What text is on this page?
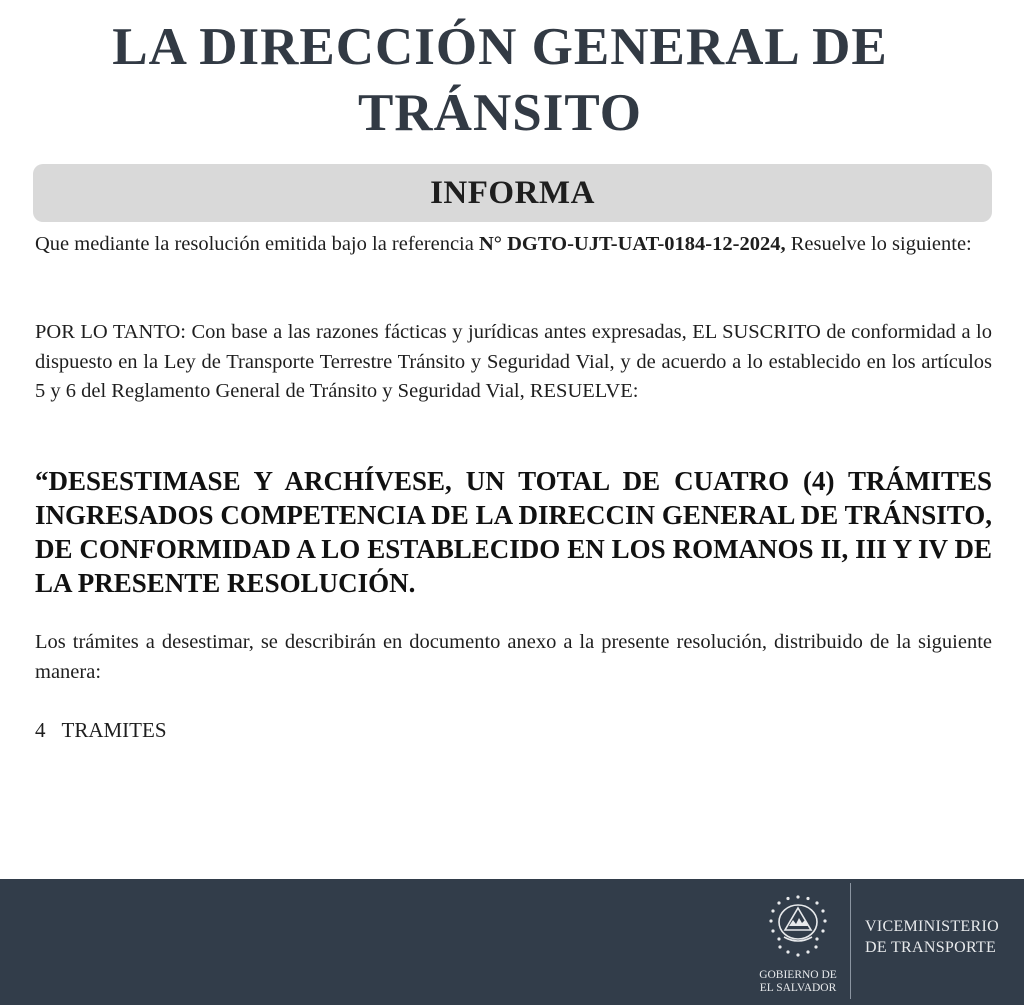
LA DIRECCIÓN GENERAL DE
TRÁNSITO
INFORMA
Que mediante la resolución emitida bajo la referencia N° DGTO-UJT-UAT-0184-12-2024, Resuelve lo siguiente:
POR LO TANTO: Con base a las razones fácticas y jurídicas antes expresadas, EL SUSCRITO de conformidad a lo dispuesto en la Ley de Transporte Terrestre Tránsito y Seguridad Vial, y de acuerdo a lo establecido en los artículos 5 y 6 del Reglamento General de Tránsito y Seguridad Vial, RESUELVE:
“DESESTIMASE Y ARCHÍVESE, UN TOTAL DE CUATRO (4) TRÁMITES INGRESADOS COMPETENCIA DE LA DIRECCIN GENERAL DE TRÁNSITO, DE CONFORMIDAD A LO ESTABLECIDO EN LOS ROMANOS II, III Y IV DE LA PRESENTE RESOLUCIÓN.
Los trámites a desestimar, se describirán en documento anexo a la presente resolución, distribuido de la siguiente manera:
4 TRAMITES
GOBIERNO DE
EL SALVADOR
VICEMINISTERIO
DE TRANSPORTE
